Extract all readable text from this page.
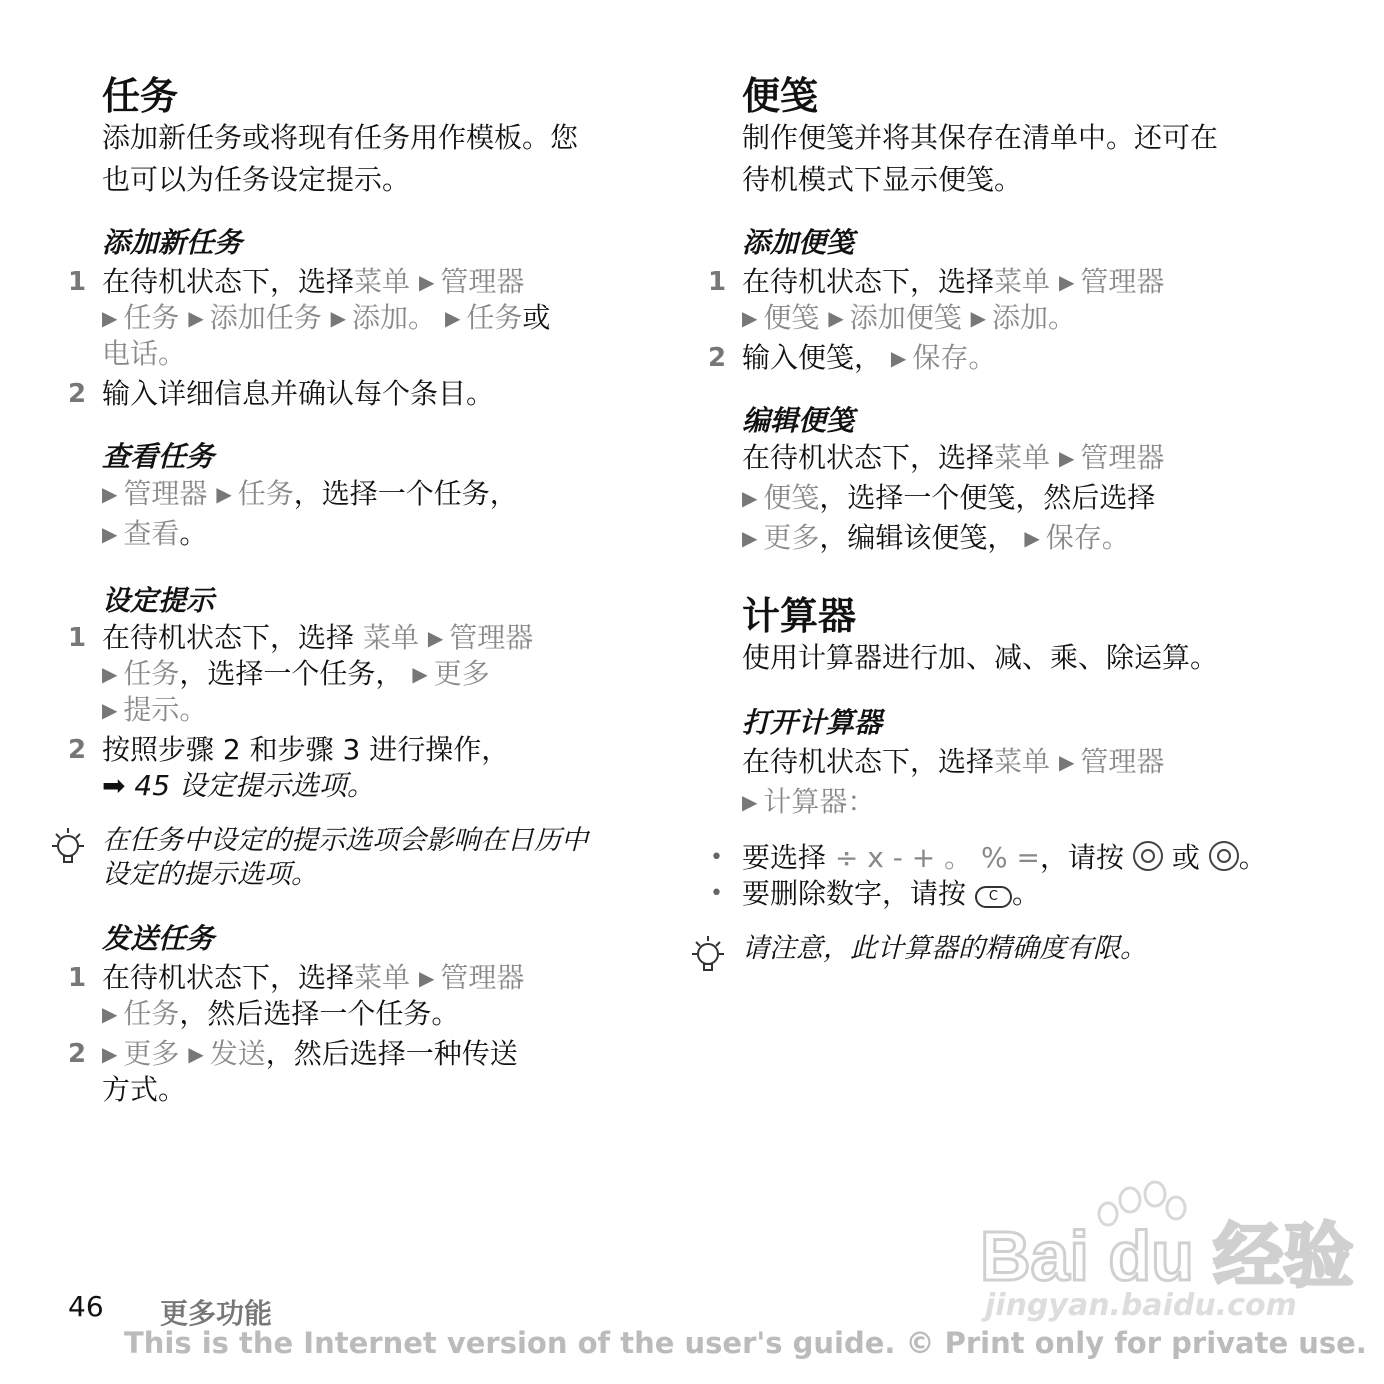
任务
添加新任务或将现有任务用作模板。您
也可以为任务设定提示。
添加新任务
1 在待机状态下，选择菜单 ▶ 管理器
▶ 任务 ▶ 添加任务 ▶ 添加。 ▶ 任务或
电话。
2 输入详细信息并确认每个条目。
查看任务
▶ 管理器 ▶ 任务，选择一个任务，
▶ 查看。
设定提示
1 在待机状态下，选择 菜单 ▶ 管理器
▶ 任务，选择一个任务， ▶ 更多
▶ 提示。
2 按照步骤 2 和步骤 3 进行操作，
➡ 45 设定提示选项。
在任务中设定的提示选项会影响在日历中
设定的提示选项。
发送任务
1 在待机状态下，选择菜单 ▶ 管理器
▶ 任务，然后选择一个任务。
2 ▶ 更多 ▶ 发送，然后选择一种传送
方式。
便笺
制作便笺并将其保存在清单中。还可在
待机模式下显示便笺。
添加便笺
1 在待机状态下，选择菜单 ▶ 管理器
▶ 便笺 ▶ 添加便笺 ▶ 添加。
2 输入便笺， ▶ 保存。
编辑便笺
在待机状态下，选择菜单 ▶ 管理器
▶ 便笺，选择一个便笺，然后选择
▶ 更多，编辑该便笺， ▶ 保存。
计算器
使用计算器进行加、减、乘、除运算。
打开计算器
在待机状态下，选择菜单 ▶ 管理器
▶ 计算器：
• 要选择 ÷ x - + 。 % =，请按 或 。
• 要删除数字，请按 C 。
请注意，此计算器的精确度有限。
Bai du 经验
jingyan.baidu.com
46 更多功能
This is the Internet version of the user's guide. © Print only for private use.
